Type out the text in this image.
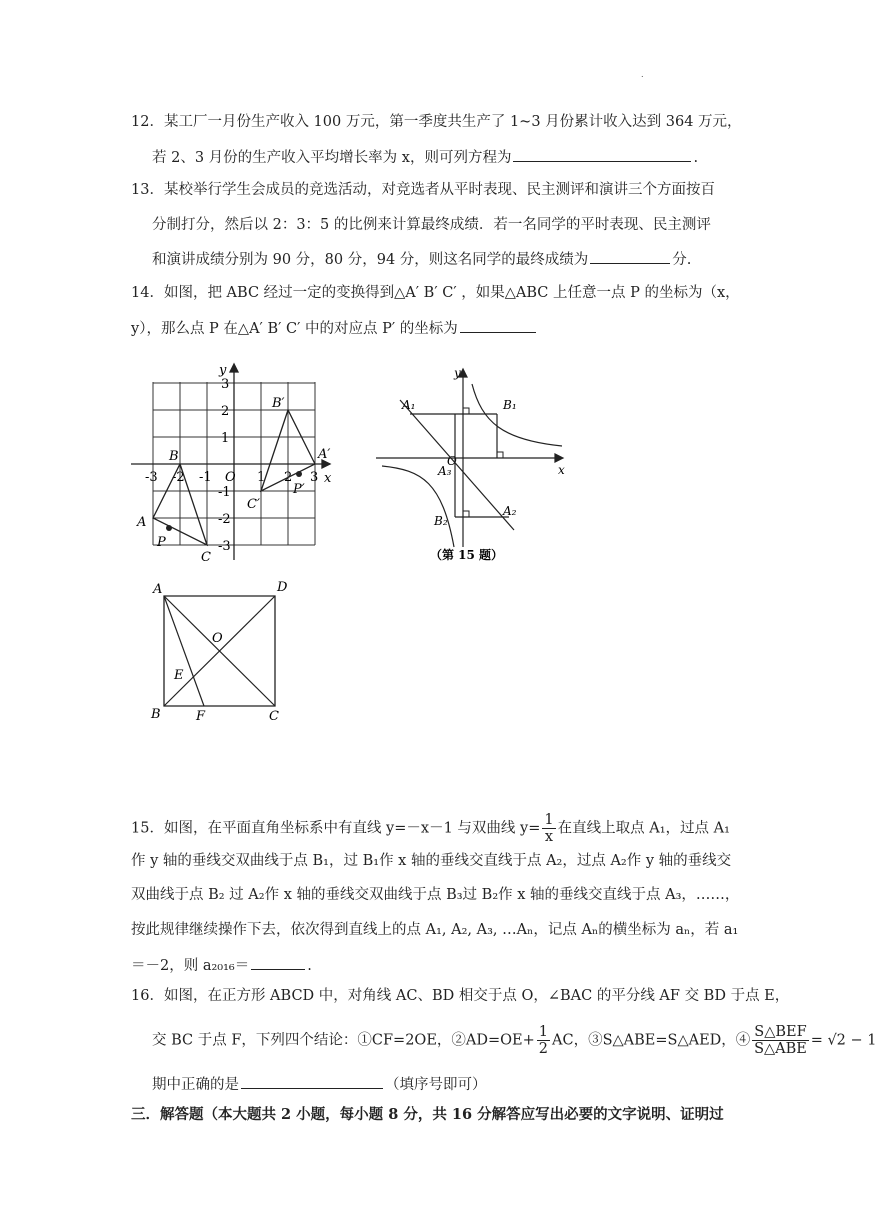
.
12．某工厂一月份生产收入 100 万元，第一季度共生产了 1~3 月份累计收入达到 364 万元，
若 2、3 月份的生产收入平均增长率为 x，则可列方程为	.
13．某校举行学生会成员的竞选活动，对竞选者从平时表现、民主测评和演讲三个方面按百
分制打分，然后以 2：3：5 的比例来计算最终成绩．若一名同学的平时表现、民主测评
和演讲成绩分别为 90 分，80 分，94 分，则这名同学的最终成绩为	分.
14．如图，把 ABC 经过一定的变换得到△A′ B′ C′ ，如果△ABC 上任意一点 P 的坐标为（x，
y），那么点 P 在△A′ B′ C′ 中的对应点 P′ 的坐标为
y
x
O
-3 -2 -1	1 2 3
3
2
1
-1
-2
-3
A
B
C
P
A′
B′
C′
P′
y
x
O
A₁	B₁
A₂
B₂
A₃
（第 15 题）
A	D
B	C
O
E
F
15．如图，在平面直角坐标系中有直线 y=－x－1 与双曲线 $y= \frac{1}{x}$ 在直线上取点 A₁，过点 A₁
作 y 轴的垂线交双曲线于点 B₁，过 B₁作 x 轴的垂线交直线于点 A₂，过点 A₂作 y 轴的垂线交
双曲线于点 B₂ 过 A₂作 x 轴的垂线交双曲线于点 B₃过 B₂作 x 轴的垂线交直线于点 A₃，……，
按此规律继续操作下去，依次得到直线上的点 A₁, A₂, A₃, …Aₙ，记点 Aₙ的横坐标为 aₙ，若 a₁
＝－2，则 a₂₀₁₆＝	.
16．如图，在正方形 ABCD 中，对角线 AC、BD 相交于点 O，∠BAC 的平分线 AF 交 BD 于点 E，
交 BC 于点 F，下列四个结论：①CF=2OE，②AD=OE+ $\frac{1}{2}$ AC，③S△ABE=S△AED，④ $\frac{\text{S△BEF}}{\text{S△ABE}} = √2 - 1$
期中正确的是	（填序号即可）
三．解答题（本大题共 2 小题，每小题 8 分，共 16 分解答应写出必要的文字说明、证明过
